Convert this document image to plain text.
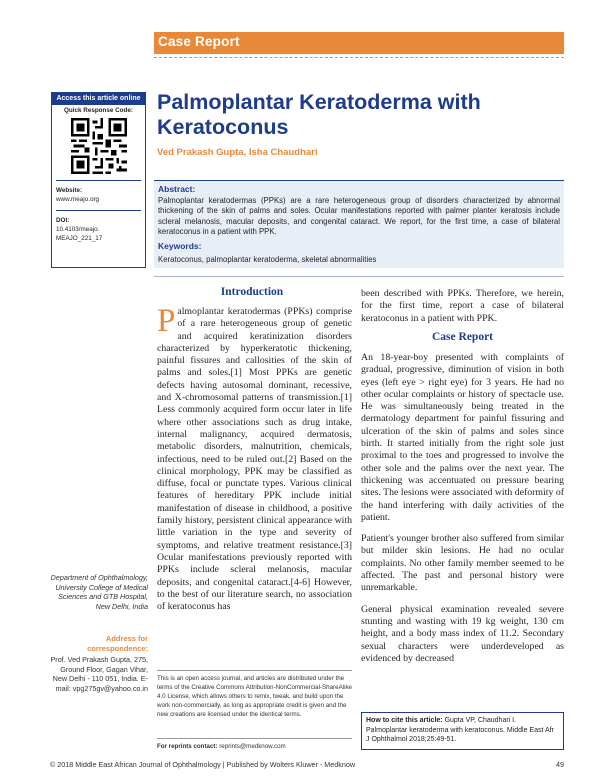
Case Report
Access this article online
Quick Response Code:
Website:
www.meajo.org
DOI:
10.4103/meajo.
MEAJO_221_17
Palmoplantar Keratoderma with Keratoconus
Ved Prakash Gupta, Isha Chaudhari
Abstract:
Palmoplantar keratodermas (PPKs) are a rare heterogeneous group of disorders characterized by abnormal thickening of the skin of palms and soles. Ocular manifestations reported with palmer planter keratosis include scleral melanosis, macular deposits, and congenital cataract. We report, for the first time, a case of bilateral keratoconus in a patient with PPK.
Keywords:
Keratoconus, palmoplantar keratoderma, skeletal abnormalities
Introduction
Palmoplantar keratodermas (PPKs) comprise of a rare heterogeneous group of genetic and acquired keratinization disorders characterized by hyperkeratotic thickening, painful fissures and callosities of the skin of palms and soles.[1] Most PPKs are genetic defects having autosomal dominant, recessive, and X-chromosomal patterns of transmission.[1] Less commonly acquired form occur later in life where other associations such as drug intake, internal malignancy, acquired dermatosis, metabolic disorders, malnutrition, chemicals, infectious, need to be ruled out.[2] Based on the clinical morphology, PPK may be classified as diffuse, focal or punctate types. Various clinical features of hereditary PPK include initial manifestation of disease in childhood, a positive family history, persistent clinical appearance with little variation in the type and severity of symptoms, and relative treatment resistance.[3] Ocular manifestations previously reported with PPKs include scleral melanosis, macular deposits, and congenital cataract.[4-6] However, to the best of our literature search, no association of keratoconus has

been described with PPKs. Therefore, we herein, for the first time, report a case of bilateral keratoconus in a patient with PPK.

Case Report

An 18-year-boy presented with complaints of gradual, progressive, diminution of vision in both eyes (left eye > right eye) for 3 years. He had no other ocular complaints or history of spectacle use. He was simultaneously being treated in the dermatology department for painful fissuring and ulceration of the skin of palms and soles since birth. It started initially from the right sole just proximal to the toes and progressed to involve the other sole and the palms over the next year. The thickening was accentuated on pressure bearing sites. The lesions were associated with deformity of the hand interfering with daily activities of the patient.

Patient's younger brother also suffered from similar but milder skin lesions. He had no ocular complaints. No other family member seemed to be affected. The past and personal history were unremarkable.

General physical examination revealed severe stunting and wasting with 19 kg weight, 130 cm height, and a body mass index of 11.2. Secondary sexual characters were underdeveloped as evidenced by decreased

Department of Ophthalmology, University College of Medical Sciences and GTB Hospital, New Delhi, India
Address for correspondence:
Prof. Ved Prakash Gupta, 275, Ground Floor, Gagan Vihar, New Delhi - 110 051, India. E-mail: vpg275gv@yahoo.co.in
This is an open access journal, and articles are distributed under the terms of the Creative Commons Attribution-NonCommercial-ShareAlike 4.0 License, which allows others to remix, tweak, and build upon the work non-commercially, as long as appropriate credit is given and the new creations are licensed under the identical terms.
For reprints contact: reprints@medknow.com
How to cite this article: Gupta VP, Chaudhari I. Palmoplantar keratoderma with keratoconus. Middle East Afr J Ophthalmol 2018;25:49-51.
© 2018 Middle East African Journal of Ophthalmology | Published by Wolters Kluwer - Medknow	49
